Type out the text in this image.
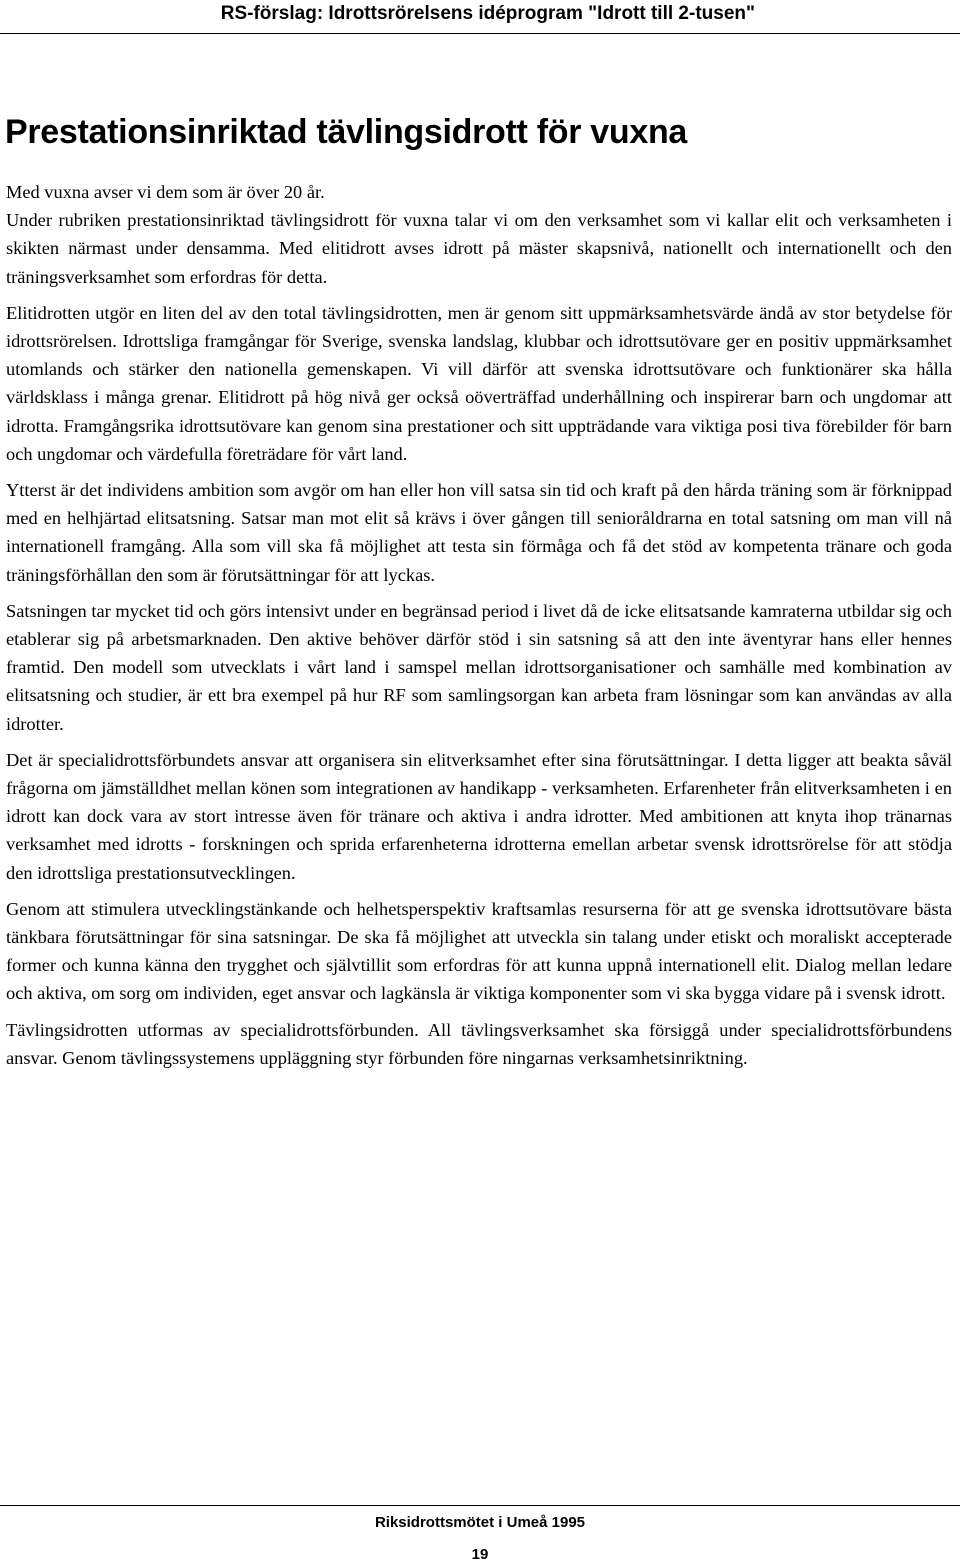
RS-förslag: Idrottsrörelsens idéprogram "Idrott till 2-tusen"
Prestationsinriktad tävlingsidrott för vuxna

Med vuxna avser vi dem som är över 20 år.

Under rubriken prestationsinriktad tävlingsidrott för vuxna talar vi om den verksamhet som vi kallar elit och verksamheten i skikten närmast under densamma. Med elitidrott avses idrott på mäster skapsnivå, nationellt och internationellt och den träningsverksamhet som erfordras för detta.

Elitidrotten utgör en liten del av den total tävlingsidrotten, men är genom sitt uppmärksamhetsvärde ändå av stor betydelse för idrottsrörelsen. Idrottsliga framgångar för Sverige, svenska landslag, klubbar och idrottsutövare ger en positiv uppmärksamhet utomlands och stärker den nationella gemenskapen. Vi vill därför att svenska idrottsutövare och funktionärer ska hålla världsklass i många grenar. Elitidrott på hög nivå ger också oöverträffad underhållning och inspirerar barn och ungdomar att idrotta. Framgångsrika idrottsutövare kan genom sina prestationer och sitt uppträdande vara viktiga posi tiva förebilder för barn och ungdomar och värdefulla företrädare för vårt land.

Ytterst är det individens ambition som avgör om han eller hon vill satsa sin tid och kraft på den hårda träning som är förknippad med en helhjärtad elitsatsning. Satsar man mot elit så krävs i över gången till senioråldrarna en total satsning om man vill nå internationell framgång. Alla som vill ska få möjlighet att testa sin förmåga och få det stöd av kompetenta tränare och goda träningsförhållan den som är förutsättningar för att lyckas.

Satsningen tar mycket tid och görs intensivt under en begränsad period i livet då de icke elitsatsande kamraterna utbildar sig och etablerar sig på arbetsmarknaden. Den aktive behöver därför stöd i sin satsning så att den inte äventyrar hans eller hennes framtid. Den modell som utvecklats i vårt land i samspel mellan idrottsorganisationer och samhälle med kombination av elitsatsning och studier, är ett bra exempel på hur RF som samlingsorgan kan arbeta fram lösningar som kan användas av alla idrotter.

Det är specialidrottsförbundets ansvar att organisera sin elitverksamhet efter sina förutsättningar. I detta ligger att beakta såväl frågorna om jämställdhet mellan könen som integrationen av handikapp - verksamheten. Erfarenheter från elitverksamheten i en idrott kan dock vara av stort intresse även för tränare och aktiva i andra idrotter. Med ambitionen att knyta ihop tränarnas verksamhet med idrotts - forskningen och sprida erfarenheterna idrotterna emellan arbetar svensk idrottsrörelse för att stödja den idrottsliga prestationsutvecklingen.

Genom att stimulera utvecklingstänkande och helhetsperspektiv kraftsamlas resurserna för att ge svenska idrottsutövare bästa tänkbara förutsättningar för sina satsningar. De ska få möjlighet att utveckla sin talang under etiskt och moraliskt accepterade former och kunna känna den trygghet och självtillit som erfordras för att kunna uppnå internationell elit. Dialog mellan ledare och aktiva, om sorg om individen, eget ansvar och lagkänsla är viktiga komponenter som vi ska bygga vidare på i svensk idrott.

Tävlingsidrotten utformas av specialidrottsförbunden. All tävlingsverksamhet ska försiggå under specialidrottsförbundens ansvar. Genom tävlingssystemens uppläggning styr förbunden före ningarnas verksamhetsinriktning.

Riksidrottsmötet i Umeå 1995
19
